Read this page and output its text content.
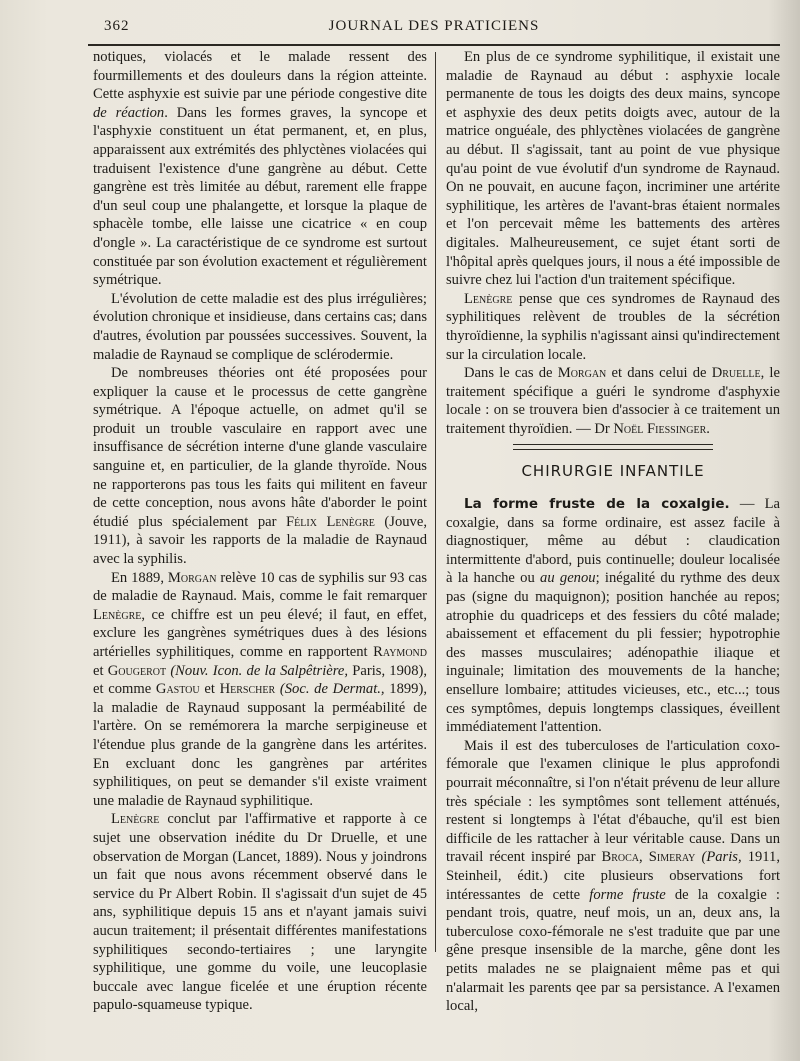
362	JOURNAL DES PRATICIENS

notiques, violacés et le malade ressent des fourmillements et des douleurs dans la région atteinte. Cette asphyxie est suivie par une période congestive dite de réaction. Dans les formes graves, la syncope et l'asphyxie constituent un état permanent, et, en plus, apparaissent aux extrémités des phlyctènes violacées qui traduisent l'existence d'une gangrène au début. Cette gangrène est très limitée au début, rarement elle frappe d'un seul coup une phalangette, et lorsque la plaque de sphacèle tombe, elle laisse une cicatrice « en coup d'ongle ». La caractéristique de ce syndrome est surtout constituée par son évolution exactement et régulièrement symétrique.

L'évolution de cette maladie est des plus irrégulières; évolution chronique et insidieuse, dans certains cas; dans d'autres, évolution par poussées successives. Souvent, la maladie de Raynaud se complique de sclérodermie.

De nombreuses théories ont été proposées pour expliquer la cause et le processus de cette gangrène symétrique. A l'époque actuelle, on admet qu'il se produit un trouble vasculaire en rapport avec une insuffisance de sécrétion interne d'une glande vasculaire sanguine et, en particulier, de la glande thyroïde. Nous ne rapporterons pas tous les faits qui militent en faveur de cette conception, nous avons hâte d'aborder le point étudié plus spécialement par Félix Lenègre (Jouve, 1911), à savoir les rapports de la maladie de Raynaud avec la syphilis.

En 1889, Morgan relève 10 cas de syphilis sur 93 cas de maladie de Raynaud. Mais, comme le fait remarquer Lenègre, ce chiffre est un peu élevé; il faut, en effet, exclure les gangrènes symétriques dues à des lésions artérielles syphilitiques, comme en rapportent Raymond et Gougerot (Nouv. Icon. de la Salpêtrière, Paris, 1908), et comme Gastou et Herscher (Soc. de Dermat., 1899), la maladie de Raynaud supposant la perméabilité de l'artère. On se remémorera la marche serpigineuse et l'étendue plus grande de la gangrène dans les artérites. En excluant donc les gangrènes par artérites syphilitiques, on peut se demander s'il existe vraiment une maladie de Raynaud syphilitique.

Lenègre conclut par l'affirmative et rapporte à ce sujet une observation inédite du Dr Druelle, et une observation de Morgan (Lancet, 1889). Nous y joindrons un fait que nous avons récemment observé dans le service du Pr Albert Robin. Il s'agissait d'un sujet de 45 ans, syphilitique depuis 15 ans et n'ayant jamais suivi aucun traitement; il présentait différentes manifestations syphilitiques secondo-tertiaires ; une laryngite syphilitique, une gomme du voile, une leucoplasie buccale avec langue ficelée et une éruption récente papulo-squameuse typique.

En plus de ce syndrome syphilitique, il existait une maladie de Raynaud au début : asphyxie locale permanente de tous les doigts des deux mains, syncope et asphyxie des deux petits doigts avec, autour de la matrice onguéale, des phlyctènes violacées de gangrène au début. Il s'agissait, tant au point de vue physique qu'au point de vue évolutif d'un syndrome de Raynaud. On ne pouvait, en aucune façon, incriminer une artérite syphilitique, les artères de l'avant-bras étaient normales et l'on percevait même les battements des artères digitales. Malheureusement, ce sujet étant sorti de l'hôpital après quelques jours, il nous a été impossible de suivre chez lui l'action d'un traitement spécifique.

Lenègre pense que ces syndromes de Raynaud des syphilitiques relèvent de troubles de la sécrétion thyroïdienne, la syphilis n'agissant ainsi qu'indirectement sur la circulation locale.

Dans le cas de Morgan et dans celui de Druelle, le traitement spécifique a guéri le syndrome d'asphyxie locale : on se trouvera bien d'associer à ce traitement un traitement thyroïdien. — Dr Noël Fiessinger.

CHIRURGIE INFANTILE

La forme fruste de la coxalgie. — La coxalgie, dans sa forme ordinaire, est assez facile à diagnostiquer, même au début : claudication intermittente d'abord, puis continuelle; douleur localisée à la hanche ou au genou; inégalité du rythme des deux pas (signe du maquignon); position hanchée au repos; atrophie du quadriceps et des fessiers du côté malade; abaissement et effacement du pli fessier; hypotrophie des masses musculaires; adénopathie iliaque et inguinale; limitation des mouvements de la hanche; ensellure lombaire; attitudes vicieuses, etc., etc...; tous ces symptômes, depuis longtemps classiques, éveillent immédiatement l'attention.

Mais il est des tuberculoses de l'articulation coxo-fémorale que l'examen clinique le plus approfondi pourrait méconnaître, si l'on n'était prévenu de leur allure très spéciale : les symptômes sont tellement atténués, restent si longtemps à l'état d'ébauche, qu'il est bien difficile de les rattacher à leur véritable cause. Dans un travail récent inspiré par Broca, Simeray (Paris, 1911, Steinheil, édit.) cite plusieurs observations fort intéressantes de cette forme fruste de la coxalgie : pendant trois, quatre, neuf mois, un an, deux ans, la tuberculose coxo-fémorale ne s'est traduite que par une gêne presque insensible de la marche, gêne dont les petits malades ne se plaignaient même pas et qui n'alarmait les parents qee par sa persistance. A l'examen local,
